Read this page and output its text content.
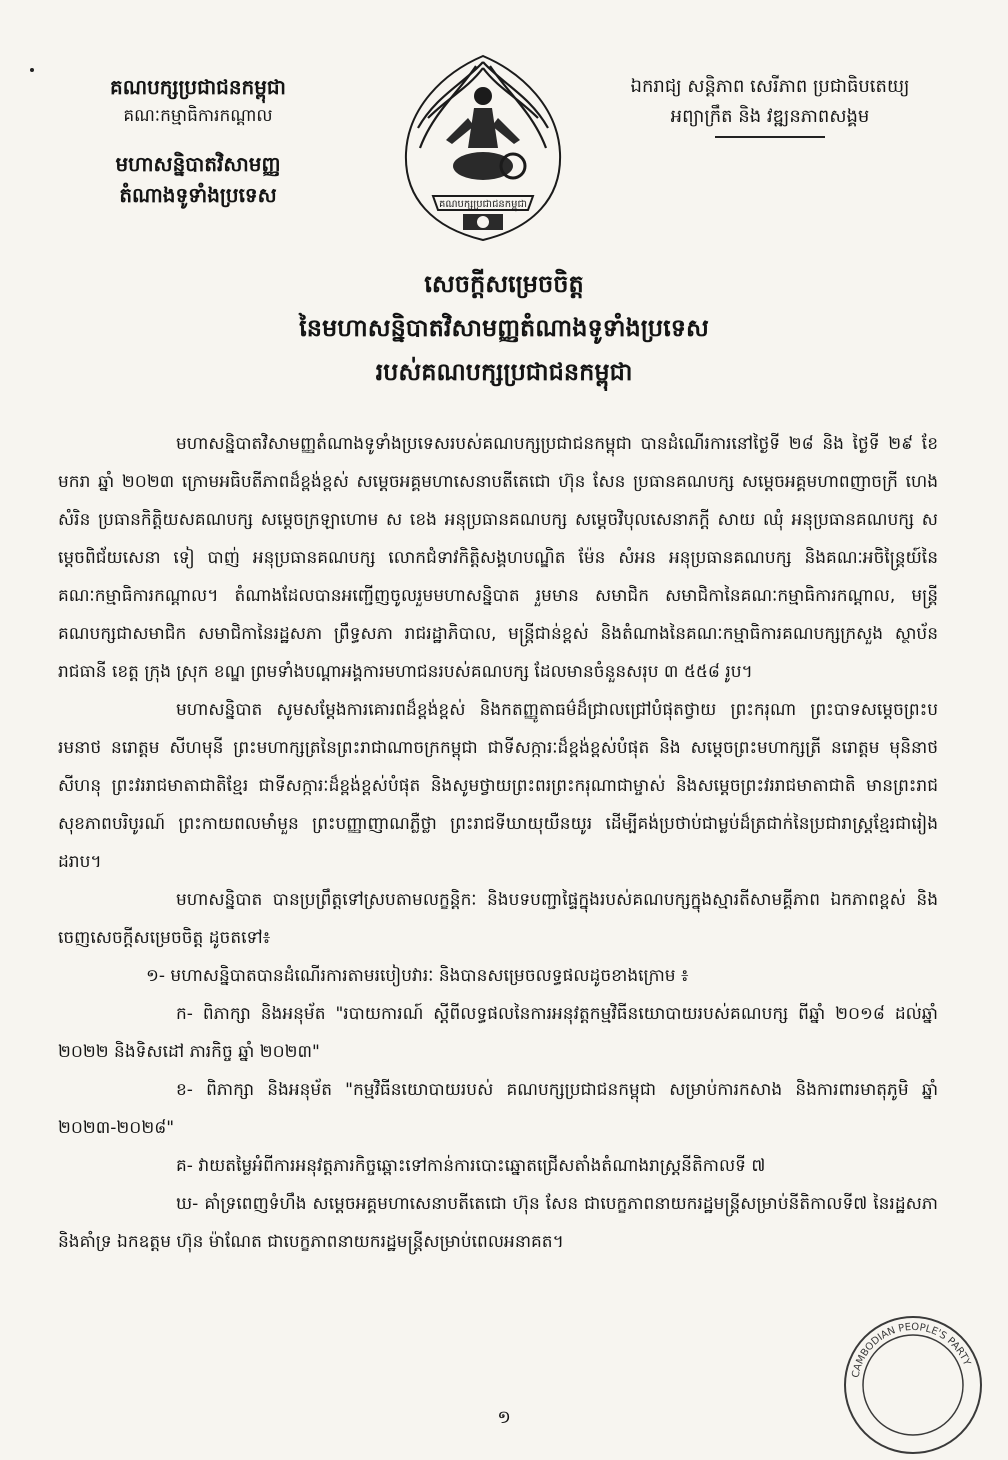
គណបក្សប្រជាជនកម្ពុជា
គណៈកម្មាធិការកណ្តាល
មហាសន្និបាតវិសាមញ្ញ
តំណាងទូទាំងប្រទេស	គណបក្សប្រជាជនកម្ពុជា
ឯករាជ្យ សន្តិភាព សេរីភាព ប្រជាធិបតេយ្យ
អព្យាក្រឹត និង វឌ្ឍនភាពសង្គម
សេចក្តីសម្រេចចិត្ត
នៃមហាសន្និបាតវិសាមញ្ញតំណាងទូទាំងប្រទេស
របស់គណបក្សប្រជាជនកម្ពុជា

មហាសន្និបាតវិសាមញ្ញតំណាងទូទាំងប្រទេសរបស់គណបក្សប្រជាជនកម្ពុជា បានដំណើរការនៅថ្ងៃទី ២៨ និង ថ្ងៃទី ២៩ ខែមករា ឆ្នាំ ២០២៣ ក្រោមអធិបតីភាពដ៏ខ្ពង់ខ្ពស់ សម្តេចអគ្គមហាសេនាបតីតេជោ ហ៊ុន សែន ប្រធានគណបក្ស សម្តេចអគ្គមហាពញាចក្រី ហេង សំរិន ប្រធានកិត្តិយសគណបក្ស សម្តេចក្រឡាហោម ស ខេង អនុប្រធានគណបក្ស សម្តេចវិបុលសេនាភក្តី សាយ ឈុំ អនុប្រធានគណបក្ស សម្តេចពិជ័យសេនា ទៀ បាញ់ អនុប្រធានគណបក្ស លោកជំទាវកិត្តិសង្គហបណ្ឌិត ម៉ែន សំអន អនុប្រធានគណបក្ស និងគណៈអចិន្ត្រៃយ៍នៃគណៈកម្មាធិការកណ្តាល។ តំណាងដែលបានអញ្ជើញចូលរួមមហាសន្និបាត រួមមាន សមាជិក សមាជិកានៃគណៈកម្មាធិការកណ្តាល, មន្ត្រីគណបក្សជាសមាជិក សមាជិកានៃរដ្ឋសភា ព្រឹទ្ធសភា រាជរដ្ឋាភិបាល, មន្ត្រីជាន់ខ្ពស់ និងតំណាងនៃគណៈកម្មាធិការគណបក្សក្រសួង ស្ថាប័ន រាជធានី ខេត្ត ក្រុង ស្រុក ខណ្ឌ ព្រមទាំងបណ្តាអង្គការមហាជនរបស់គណបក្ស ដែលមានចំនួនសរុប ៣ ៥៥៨ រូប។

មហាសន្និបាត សូមសម្តែងការគោរពដ៏ខ្ពង់ខ្ពស់ និងកតញ្ញូតាធម៌ដ៏ជ្រាលជ្រៅបំផុតថ្វាយ ព្រះករុណា ព្រះបាទសម្តេចព្រះបរមនាថ នរោត្តម សីហមុនី ព្រះមហាក្សត្រនៃព្រះរាជាណាចក្រកម្ពុជា ជាទីសក្ការៈដ៏ខ្ពង់ខ្ពស់បំផុត និង សម្តេចព្រះមហាក្សត្រី នរោត្តម មុនិនាថ សីហនុ ព្រះវររាជមាតាជាតិខ្មែរ ជាទីសក្ការៈដ៏ខ្ពង់ខ្ពស់បំផុត និងសូមថ្វាយព្រះពរព្រះករុណាជាម្ចាស់ និងសម្តេចព្រះវររាជមាតាជាតិ មានព្រះរាជសុខភាពបរិបូរណ៍ ព្រះកាយពលមាំមួន ព្រះបញ្ញាញាណភ្លឺថ្លា ព្រះរាជទីឃាយុយឺនយូរ ដើម្បីគង់ប្រថាប់ជាម្លប់ដ៏ត្រជាក់នៃប្រជារាស្ត្រខ្មែរជារៀងដរាប។

មហាសន្និបាត បានប្រព្រឹត្តទៅស្របតាមលក្ខន្តិកៈ និងបទបញ្ជាផ្ទៃក្នុងរបស់គណបក្សក្នុងស្មារតីសាមគ្គីភាព ឯកភាពខ្ពស់ និងចេញសេចក្តីសម្រេចចិត្ត ដូចតទៅ៖

១- មហាសន្និបាតបានដំណើរការតាមរបៀបវារៈ និងបានសម្រេចលទ្ធផលដូចខាងក្រោម ៖

ក- ពិភាក្សា និងអនុម័ត "របាយការណ៍ ស្តីពីលទ្ធផលនៃការអនុវត្តកម្មវិធីនយោបាយរបស់គណបក្ស ពីឆ្នាំ ២០១៨ ដល់ឆ្នាំ ២០២២ និងទិសដៅ ភារកិច្ច ឆ្នាំ ២០២៣"

ខ- ពិភាក្សា និងអនុម័ត "កម្មវិធីនយោបាយរបស់ គណបក្សប្រជាជនកម្ពុជា សម្រាប់ការកសាង និងការពារមាតុភូមិ ឆ្នាំ ២០២៣-២០២៨"

គ- វាយតម្លៃអំពីការអនុវត្តភារកិច្ចឆ្ពោះទៅកាន់ការបោះឆ្នោតជ្រើសតាំងតំណាងរាស្ត្រនីតិកាលទី ៧

ឃ- គាំទ្រពេញទំហឹង សម្តេចអគ្គមហាសេនាបតីតេជោ ហ៊ុន សែន ជាបេក្ខភាពនាយករដ្ឋមន្ត្រីសម្រាប់នីតិកាលទី៧ នៃរដ្ឋសភា និងគាំទ្រ ឯកឧត្តម ហ៊ុន ម៉ាណែត ជាបេក្ខភាពនាយករដ្ឋមន្ត្រីសម្រាប់ពេលអនាគត។

CAMBODIAN PEOPLE'S PARTY
១
